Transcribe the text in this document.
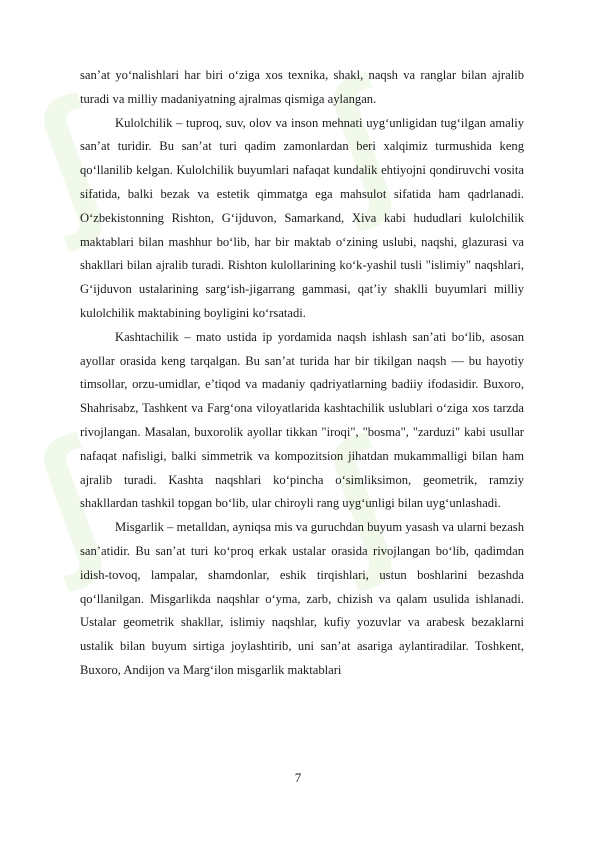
ʃ ʃ
ʃ ʃ

san’at yo‘nalishlari har biri o‘ziga xos texnika, shakl, naqsh va ranglar bilan ajralib turadi va milliy madaniyatning ajralmas qismiga aylangan.

Kulolchilik – tuproq, suv, olov va inson mehnati uyg‘unligidan tug‘ilgan amaliy san’at turidir. Bu san’at turi qadim zamonlardan beri xalqimiz turmushida keng qo‘llanilib kelgan. Kulolchilik buyumlari nafaqat kundalik ehtiyojni qondiruvchi vosita sifatida, balki bezak va estetik qimmatga ega mahsulot sifatida ham qadrlanadi. O‘zbekistonning Rishton, G‘ijduvon, Samarkand, Xiva kabi hududlari kulolchilik maktablari bilan mashhur bo‘lib, har bir maktab o‘zining uslubi, naqshi, glazurasi va shakllari bilan ajralib turadi. Rishton kulollarining ko‘k-yashil tusli "islimiy" naqshlari, G‘ijduvon ustalarining sarg‘ish-jigarrang gammasi, qat’iy shaklli buyumlari milliy kulolchilik maktabining boyligini ko‘rsatadi.

Kashtachilik – mato ustida ip yordamida naqsh ishlash san’ati bo‘lib, asosan ayollar orasida keng tarqalgan. Bu san’at turida har bir tikilgan naqsh — bu hayotiy timsollar, orzu-umidlar, e’tiqod va madaniy qadriyatlarning badiiy ifodasidir. Buxoro, Shahrisabz, Tashkent va Farg‘ona viloyatlarida kashtachilik uslublari o‘ziga xos tarzda rivojlangan. Masalan, buxorolik ayollar tikkan "iroqi", "bosma", "zarduzi" kabi usullar nafaqat nafisligi, balki simmetrik va kompozitsion jihatdan mukammalligi bilan ham ajralib turadi. Kashta naqshlari ko‘pincha o‘simliksimon, geometrik, ramziy shakllardan tashkil topgan bo‘lib, ular chiroyli rang uyg‘unligi bilan uyg‘unlashadi.

Misgarlik – metalldan, ayniqsa mis va guruchdan buyum yasash va ularni bezash san’atidir. Bu san’at turi ko‘proq erkak ustalar orasida rivojlangan bo‘lib, qadimdan idish-tovoq, lampalar, shamdonlar, eshik tirqishlari, ustun boshlarini bezashda qo‘llanilgan. Misgarlikda naqshlar o‘yma, zarb, chizish va qalam usulida ishlanadi. Ustalar geometrik shakllar, islimiy naqshlar, kufiy yozuvlar va arabesk bezaklarni ustalik bilan buyum sirtiga joylashtirib, uni san’at asariga aylantiradilar. Toshkent, Buxoro, Andijon va Marg‘ilon misgarlik maktablari

7
